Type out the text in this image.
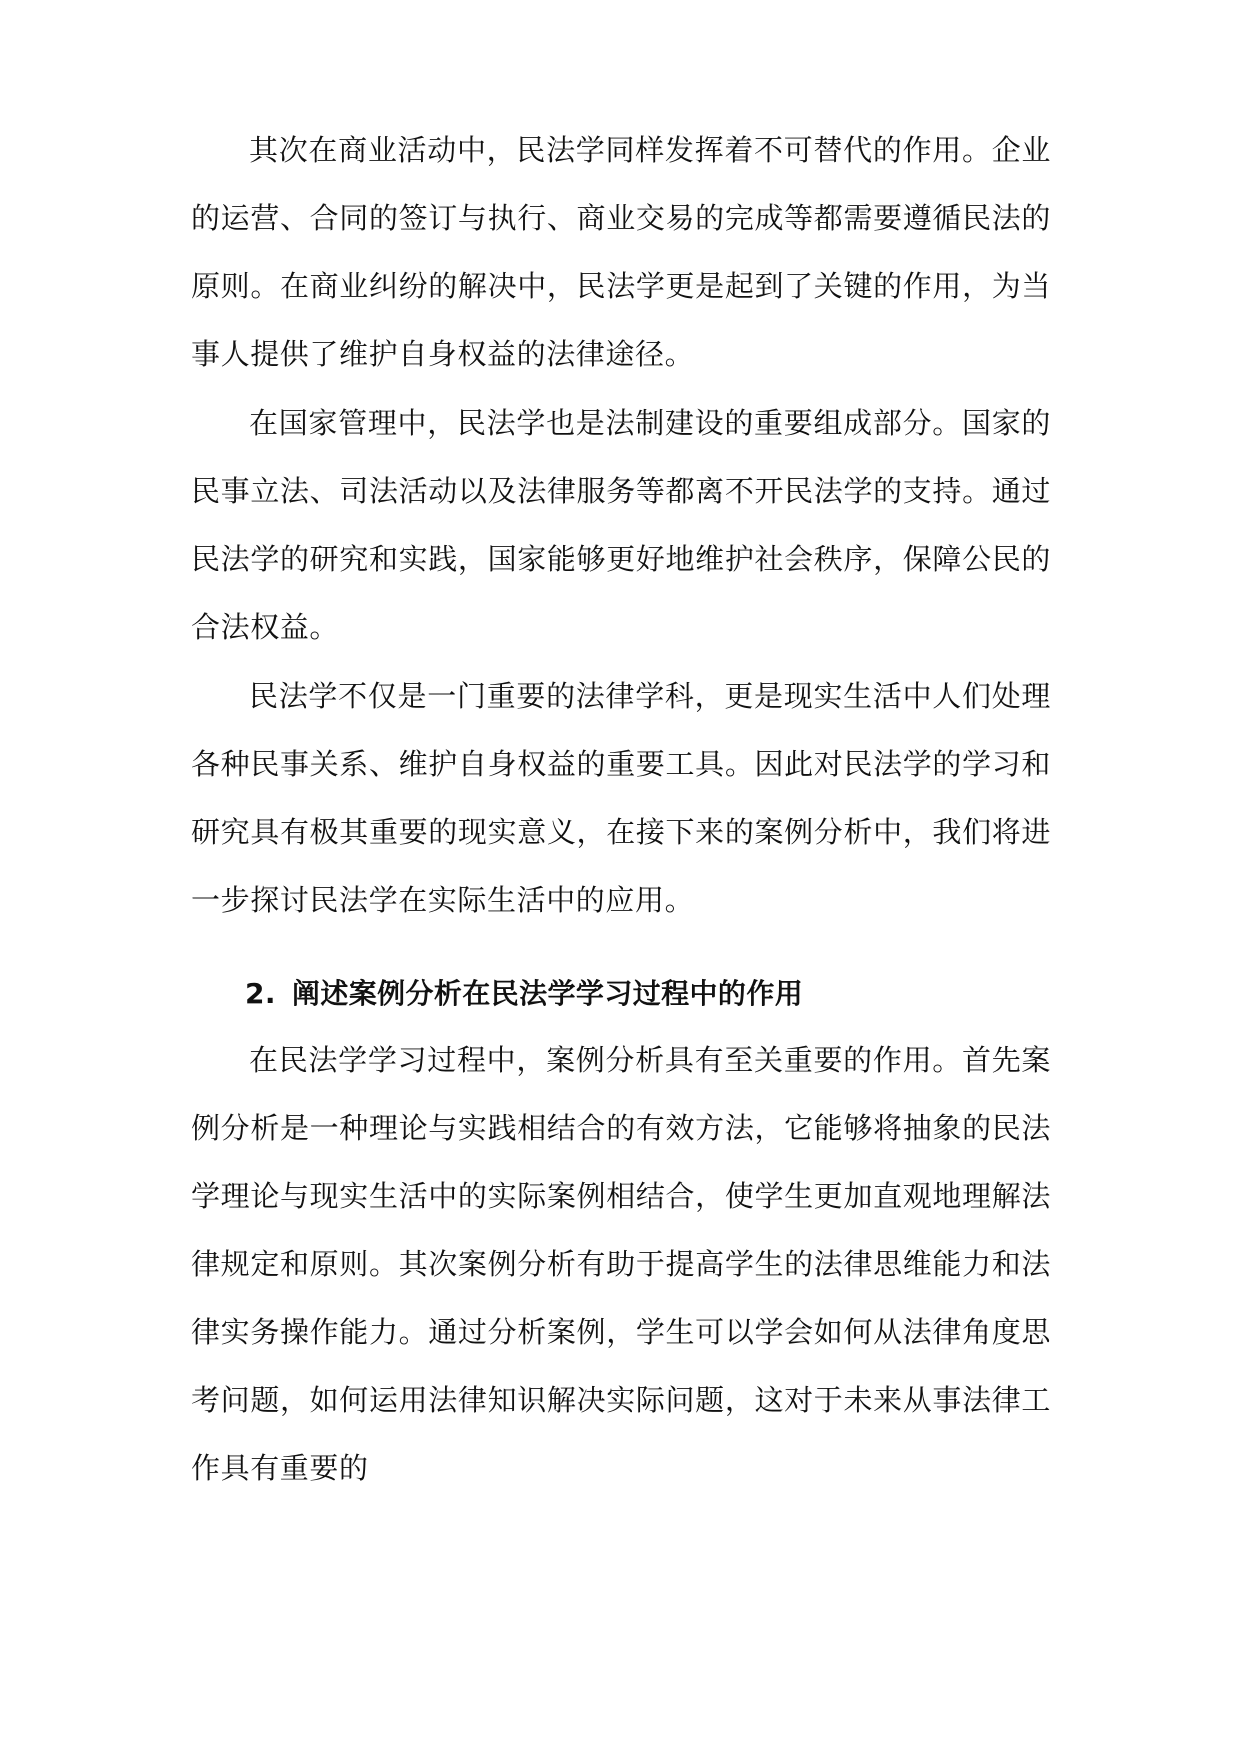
其次在商业活动中，民法学同样发挥着不可替代的作用。企业的运营、合同的签订与执行、商业交易的完成等都需要遵循民法的原则。在商业纠纷的解决中，民法学更是起到了关键的作用，为当事人提供了维护自身权益的法律途径。

在国家管理中，民法学也是法制建设的重要组成部分。国家的民事立法、司法活动以及法律服务等都离不开民法学的支持。通过民法学的研究和实践，国家能够更好地维护社会秩序，保障公民的合法权益。

民法学不仅是一门重要的法律学科，更是现实生活中人们处理各种民事关系、维护自身权益的重要工具。因此对民法学的学习和研究具有极其重要的现实意义，在接下来的案例分析中，我们将进一步探讨民法学在实际生活中的应用。

2. 阐述案例分析在民法学学习过程中的作用

在民法学学习过程中，案例分析具有至关重要的作用。首先案例分析是一种理论与实践相结合的有效方法，它能够将抽象的民法学理论与现实生活中的实际案例相结合，使学生更加直观地理解法律规定和原则。其次案例分析有助于提高学生的法律思维能力和法律实务操作能力。通过分析案例，学生可以学会如何从法律角度思考问题，如何运用法律知识解决实际问题，这对于未来从事法律工作具有重要的
